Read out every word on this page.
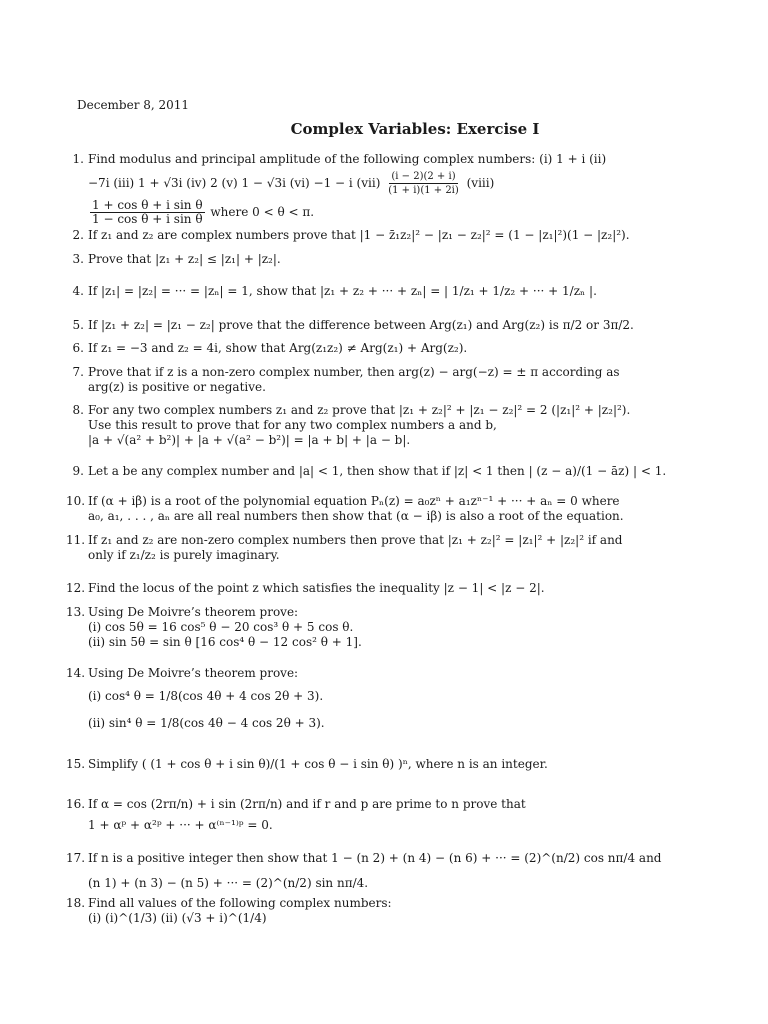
December 8, 2011
Complex Variables: Exercise I
1. Find modulus and principal amplitude of the following complex numbers: (i) 1 + i (ii)
−7i (iii) 1 + √3i (iv) 2 (v) 1 − √3i (vi) −1 − i $(vii) \frac{(i - 2)(2 + i)}{(1 + i)(1 + 2i)}$ (viii)
$\frac{\text{1 + cos θ + i sin θ}}{\text{1 − cos θ + i sin θ}}$ where 0 < θ < π.
2. If z₁ and z₂ are complex numbers prove that |1 − z̄₁z₂|² − |z₁ − z₂|² = (1 − |z₁|²)(1 − |z₂|²).
3. Prove that |z₁ + z₂| ≤ |z₁| + |z₂|.
4. If |z₁| = |z₂| = ··· = |zₙ| = 1, show that |z₁ + z₂ + ··· + zₙ| = | 1/z₁ + 1/z₂ + ··· + 1/zₙ |.
5. If |z₁ + z₂| = |z₁ − z₂| prove that the difference between Arg(z₁) and Arg(z₂) is π/2 or 3π/2.
6. If z₁ = −3 and z₂ = 4i, show that Arg(z₁z₂) ≠ Arg(z₁) + Arg(z₂).
7. Prove that if z is a non-zero complex number, then arg(z) − arg(−z) = ± π according as
arg(z) is positive or negative.
8. For any two complex numbers z₁ and z₂ prove that |z₁ + z₂|² + |z₁ − z₂|² = 2 (|z₁|² + |z₂|²).
Use this result to prove that for any two complex numbers a and b,
|a + √(a² + b²)| + |a + √(a² − b²)| = |a + b| + |a − b|.
9. Let a be any complex number and |a| < 1, then show that if |z| < 1 then | (z − a)/(1 − āz) | < 1.
10. If (α + iβ) is a root of the polynomial equation Pₙ(z) = a₀zⁿ + a₁zⁿ⁻¹ + ··· + aₙ = 0 where
a₀, a₁, . . . , aₙ are all real numbers then show that (α − iβ) is also a root of the equation.
11. If z₁ and z₂ are non-zero complex numbers then prove that |z₁ + z₂|² = |z₁|² + |z₂|² if and
only if z₁/z₂ is purely imaginary.
12. Find the locus of the point z which satisfies the inequality |z − 1| < |z − 2|.
13. Using De Moivre’s theorem prove:
(i) cos 5θ = 16 cos⁵ θ − 20 cos³ θ + 5 cos θ.
(ii) sin 5θ = sin θ [16 cos⁴ θ − 12 cos² θ + 1].
14. Using De Moivre’s theorem prove:
(i) cos⁴ θ = 1/8(cos 4θ + 4 cos 2θ + 3).
(ii) sin⁴ θ = 1/8(cos 4θ − 4 cos 2θ + 3).
15. Simplify ( (1 + cos θ + i sin θ)/(1 + cos θ − i sin θ) )ⁿ, where n is an integer.
16. If α = cos (2rπ/n) + i sin (2rπ/n) and if r and p are prime to n prove that
1 + αᵖ + α²ᵖ + ··· + α⁽ⁿ⁻¹⁾ᵖ = 0.
17. If n is a positive integer then show that 1 − (n 2) + (n 4) − (n 6) + ··· = (2)^(n/2) cos nπ/4 and
(n 1) + (n 3) − (n 5) + ··· = (2)^(n/2) sin nπ/4.
18. Find all values of the following complex numbers:
(i) (i)^(1/3) (ii) (√3 + i)^(1/4)
